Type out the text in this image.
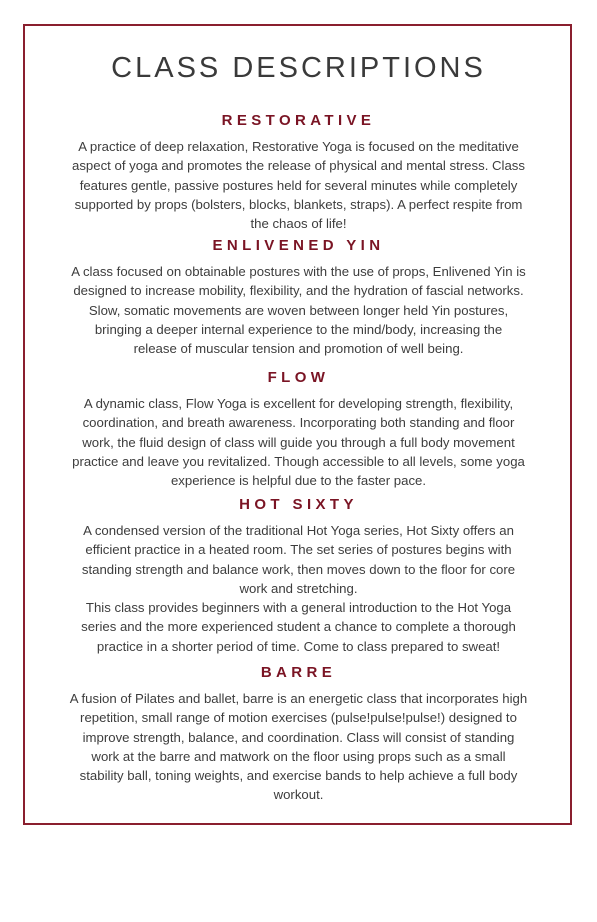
CLASS DESCRIPTIONS
RESTORATIVE

A practice of deep relaxation, Restorative Yoga is focused on the meditative
aspect of yoga and promotes the release of physical and mental stress. Class
features gentle, passive postures held for several minutes while completely
supported by props (bolsters, blocks, blankets, straps). A perfect respite from
the chaos of life!

ENLIVENED YIN

A class focused on obtainable postures with the use of props, Enlivened Yin is
designed to increase mobility, flexibility, and the hydration of fascial networks.
Slow, somatic movements are woven between longer held Yin postures,
bringing a deeper internal experience to the mind/body, increasing the
release of muscular tension and promotion of well being.

FLOW

A dynamic class, Flow Yoga is excellent for developing strength, flexibility,
coordination, and breath awareness. Incorporating both standing and floor
work, the fluid design of class will guide you through a full body movement
practice and leave you revitalized. Though accessible to all levels, some yoga
experience is helpful due to the faster pace.

HOT SIXTY

A condensed version of the traditional Hot Yoga series, Hot Sixty offers an
efficient practice in a heated room. The set series of postures begins with
standing strength and balance work, then moves down to the floor for core
work and stretching.

This class provides beginners with a general introduction to the Hot Yoga
series and the more experienced student a chance to complete a thorough
practice in a shorter period of time. Come to class prepared to sweat!

BARRE

A fusion of Pilates and ballet, barre is an energetic class that incorporates high
repetition, small range of motion exercises (pulse!pulse!pulse!) designed to
improve strength, balance, and coordination. Class will consist of standing
work at the barre and matwork on the floor using props such as a small
stability ball, toning weights, and exercise bands to help achieve a full body
workout.
